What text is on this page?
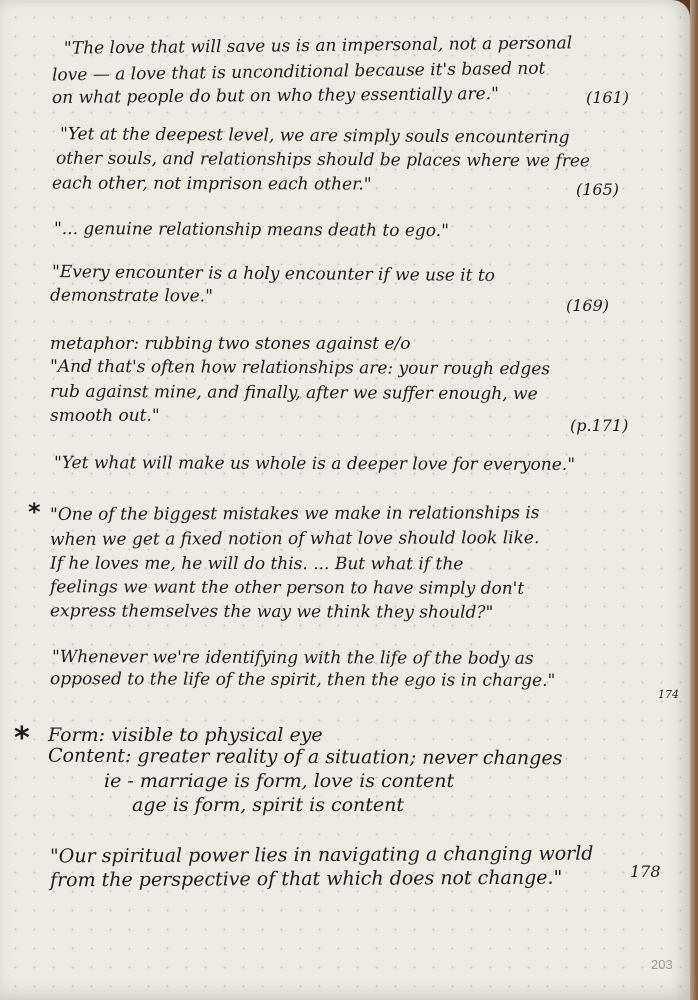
"The love that will save us is an impersonal, not a personal
love — a love that is unconditional because it's based not
on what people do but on who they essentially are."	(161)
"Yet at the deepest level, we are simply souls encountering
other souls, and relationships should be places where we free
each other, not imprison each other."	(165)
"... genuine relationship means death to ego."
"Every encounter is a holy encounter if we use it to
demonstrate love."	(169)
metaphor: rubbing two stones against e/o
"And that's often how relationships are: your rough edges
rub against mine, and finally, after we suffer enough, we
smooth out."	(p.171)
"Yet what will make us whole is a deeper love for everyone."
* "One of the biggest mistakes we make in relationships is
when we get a fixed notion of what love should look like.
If he loves me, he will do this. ... But what if the
feelings we want the other person to have simply don't
express themselves the way we think they should?"
"Whenever we're identifying with the life of the body as
opposed to the life of the spirit, then the ego is in charge."
174
* Form: visible to physical eye
Content: greater reality of a situation; never changes
ie - marriage is form, love is content
age is form, spirit is content
"Our spiritual power lies in navigating a changing world
from the perspective of that which does not change."	178
203
